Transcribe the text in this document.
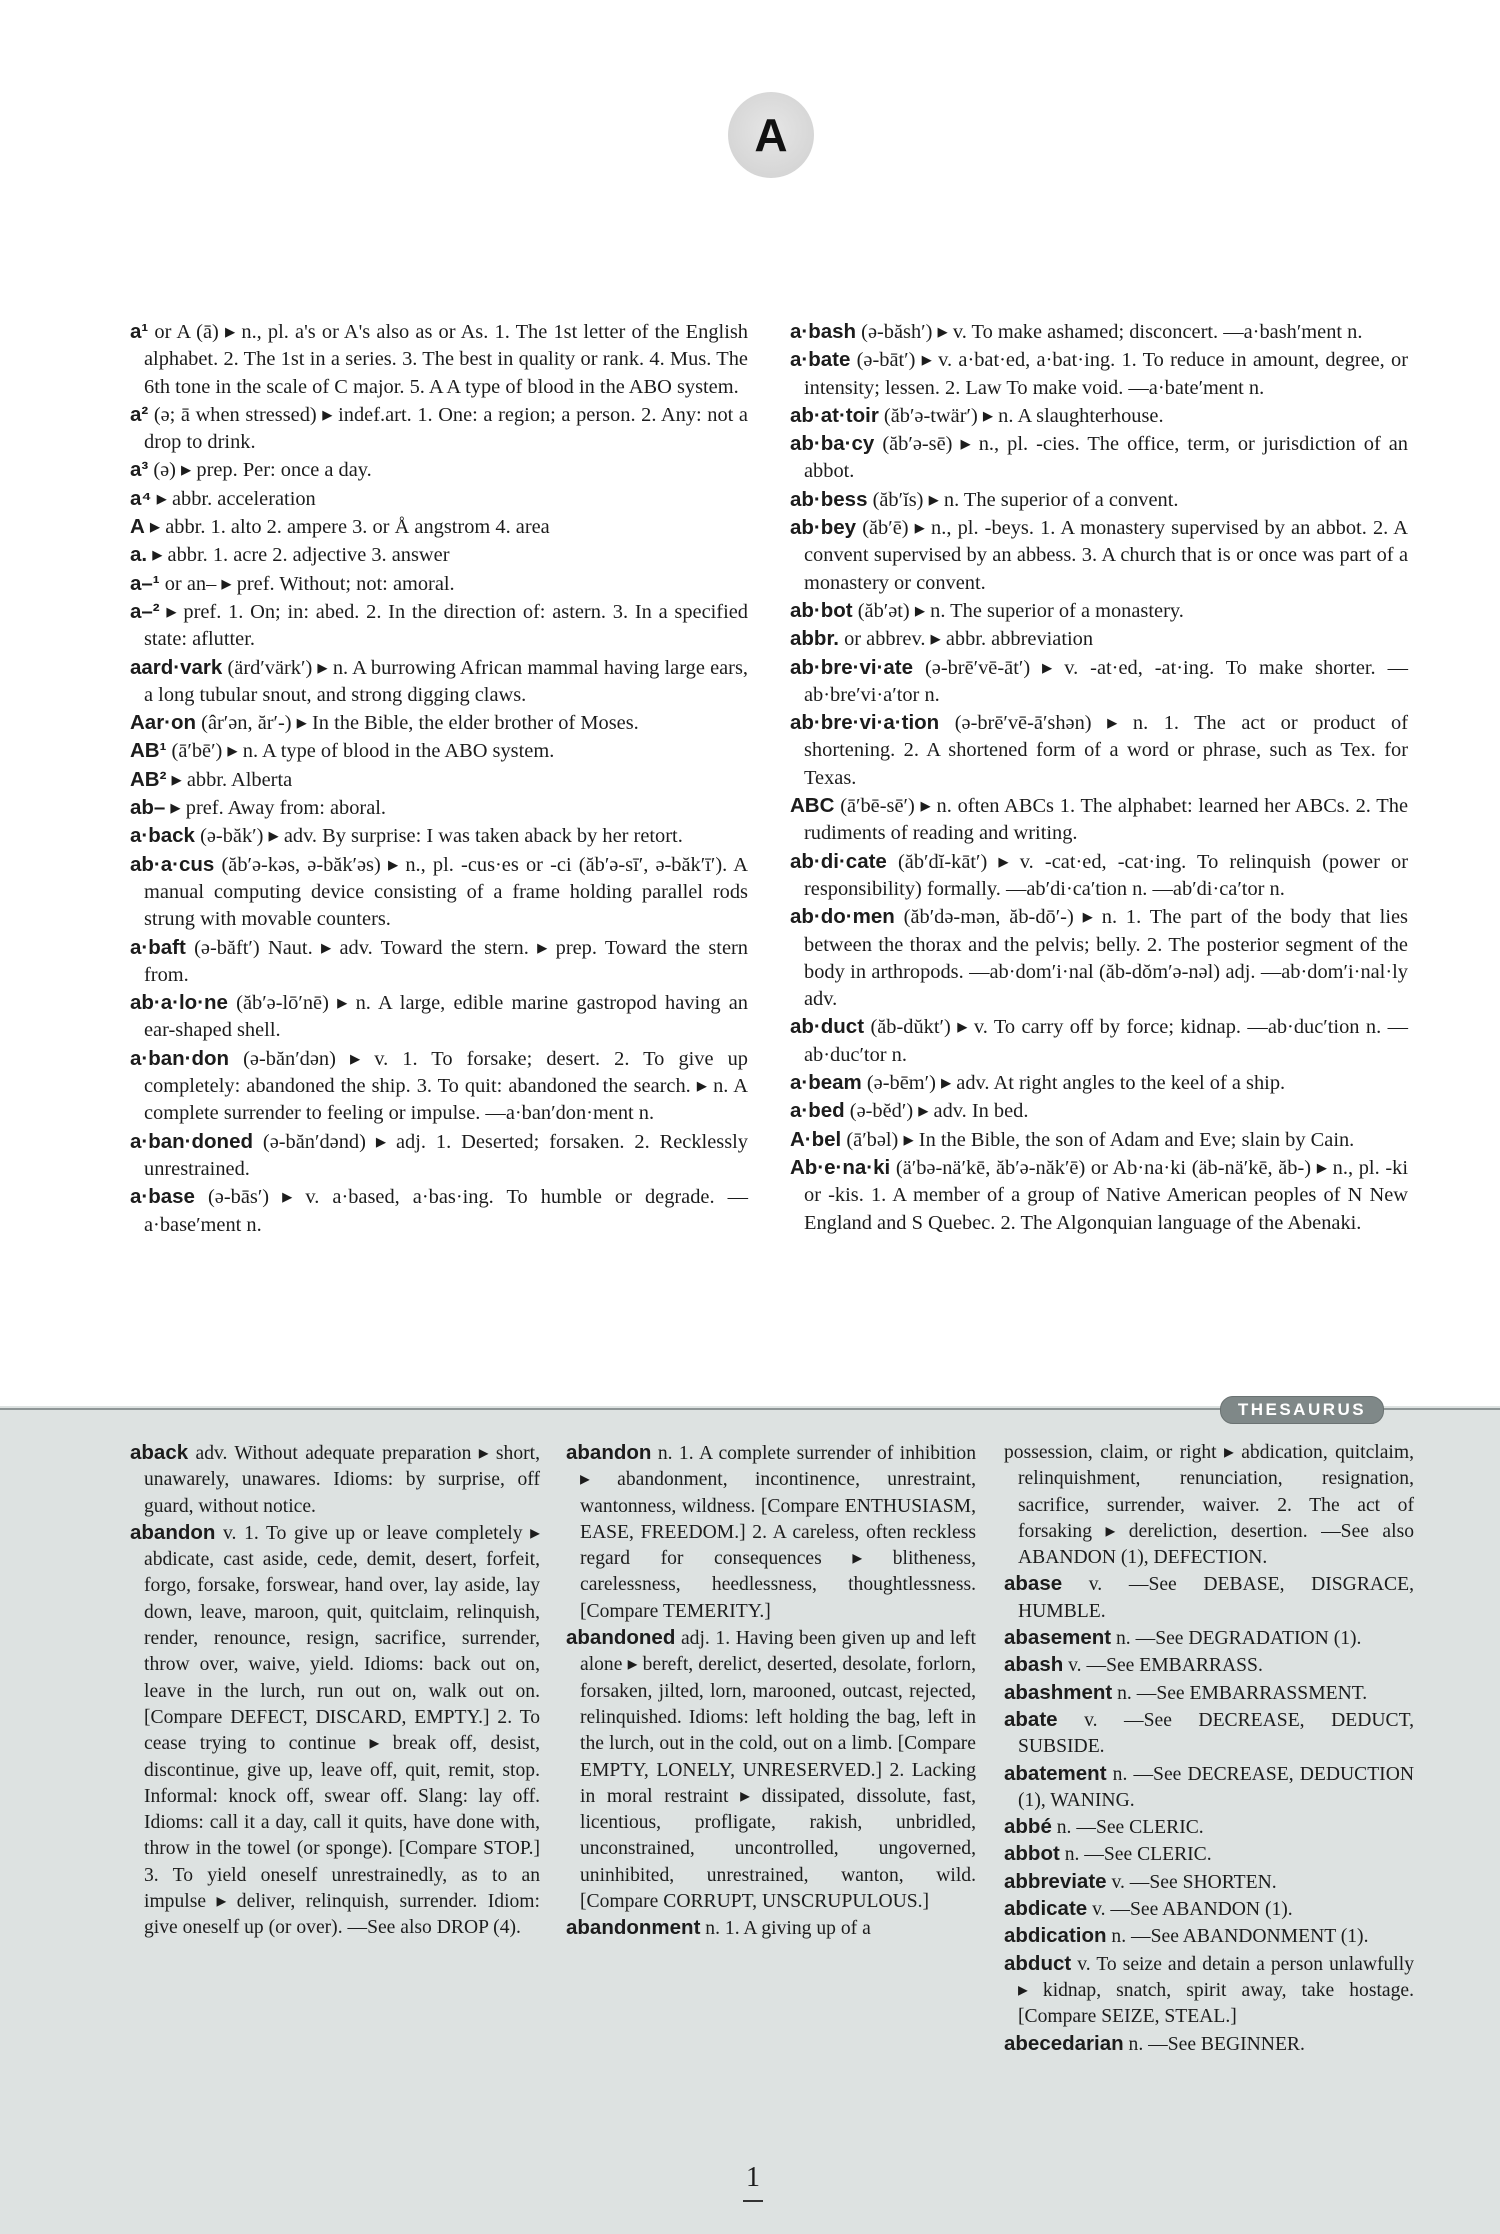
A

a¹ or A (ā) ▸ n., pl. a's or A's also as or As. 1. The 1st letter of the English alphabet. 2. The 1st in a series. 3. The best in quality or rank. 4. Mus. The 6th tone in the scale of C major. 5. A A type of blood in the ABO system.

a² (ə; ā when stressed) ▸ indef.art. 1. One: a region; a person. 2. Any: not a drop to drink.

a³ (ə) ▸ prep. Per: once a day.

a⁴ ▸ abbr. acceleration

A ▸ abbr. 1. alto 2. ampere 3. or Å angstrom 4. area

a. ▸ abbr. 1. acre 2. adjective 3. answer

a–¹ or an– ▸ pref. Without; not: amoral.

a–² ▸ pref. 1. On; in: abed. 2. In the direction of: astern. 3. In a specified state: aflutter.

aard·vark (ärd′värk′) ▸ n. A burrowing African mammal having large ears, a long tubular snout, and strong digging claws.

Aar·on (âr′ən, ăr′-) ▸ In the Bible, the elder brother of Moses.

AB¹ (ā′bē′) ▸ n. A type of blood in the ABO system.

AB² ▸ abbr. Alberta

ab– ▸ pref. Away from: aboral.

a·back (ə-băk′) ▸ adv. By surprise: I was taken aback by her retort.

ab·a·cus (ăb′ə-kəs, ə-băk′əs) ▸ n., pl. -cus·es or -ci (ăb′ə-sī′, ə-băk′ī′). A manual computing device consisting of a frame holding parallel rods strung with movable counters.

a·baft (ə-băft′) Naut. ▸ adv. Toward the stern. ▸ prep. Toward the stern from.

ab·a·lo·ne (ăb′ə-lō′nē) ▸ n. A large, edible marine gastropod having an ear-shaped shell.

a·ban·don (ə-băn′dən) ▸ v. 1. To forsake; desert. 2. To give up completely: abandoned the ship. 3. To quit: abandoned the search. ▸ n. A complete surrender to feeling or impulse. —a·ban′don·ment n.

a·ban·doned (ə-băn′dənd) ▸ adj. 1. Deserted; forsaken. 2. Recklessly unrestrained.

a·base (ə-bās′) ▸ v. a·based, a·bas·ing. To humble or degrade. —a·base′ment n.

a·bash (ə-băsh′) ▸ v. To make ashamed; disconcert. —a·bash′ment n.

a·bate (ə-bāt′) ▸ v. a·bat·ed, a·bat·ing. 1. To reduce in amount, degree, or intensity; lessen. 2. Law To make void. —a·bate′ment n.

ab·at·toir (ăb′ə-twär′) ▸ n. A slaughterhouse.

ab·ba·cy (ăb′ə-sē) ▸ n., pl. -cies. The office, term, or jurisdiction of an abbot.

ab·bess (ăb′ĭs) ▸ n. The superior of a convent.

ab·bey (ăb′ē) ▸ n., pl. -beys. 1. A monastery supervised by an abbot. 2. A convent supervised by an abbess. 3. A church that is or once was part of a monastery or convent.

ab·bot (ăb′ət) ▸ n. The superior of a monastery.

abbr. or abbrev. ▸ abbr. abbreviation

ab·bre·vi·ate (ə-brē′vē-āt′) ▸ v. -at·ed, -at·ing. To make shorter. —ab·bre′vi·a′tor n.

ab·bre·vi·a·tion (ə-brē′vē-ā′shən) ▸ n. 1. The act or product of shortening. 2. A shortened form of a word or phrase, such as Tex. for Texas.

ABC (ā′bē-sē′) ▸ n. often ABCs 1. The alphabet: learned her ABCs. 2. The rudiments of reading and writing.

ab·di·cate (ăb′dĭ-kāt′) ▸ v. -cat·ed, -cat·ing. To relinquish (power or responsibility) formally. —ab′di·ca′tion n. —ab′di·ca′tor n.

ab·do·men (ăb′də-mən, ăb-dō′-) ▸ n. 1. The part of the body that lies between the thorax and the pelvis; belly. 2. The posterior segment of the body in arthropods. —ab·dom′i·nal (ăb-dŏm′ə-nəl) adj. —ab·dom′i·nal·ly adv.

ab·duct (ăb-dŭkt′) ▸ v. To carry off by force; kidnap. —ab·duc′tion n. —ab·duc′tor n.

a·beam (ə-bēm′) ▸ adv. At right angles to the keel of a ship.

a·bed (ə-bĕd′) ▸ adv. In bed.

A·bel (ā′bəl) ▸ In the Bible, the son of Adam and Eve; slain by Cain.

Ab·e·na·ki (ä′bə-nä′kē, ăb′ə-năk′ē) or Ab·na·ki (äb-nä′kē, ăb-) ▸ n., pl. -ki or -kis. 1. A member of a group of Native American peoples of N New England and S Quebec. 2. The Algonquian language of the Abenaki.

THESAURUS

aback adv. Without adequate preparation ▸ short, unawarely, unawares. Idioms: by surprise, off guard, without notice.

abandon v. 1. To give up or leave completely ▸ abdicate, cast aside, cede, demit, desert, forfeit, forgo, forsake, forswear, hand over, lay aside, lay down, leave, maroon, quit, quitclaim, relinquish, render, renounce, resign, sacrifice, surrender, throw over, waive, yield. Idioms: back out on, leave in the lurch, run out on, walk out on. [Compare DEFECT, DISCARD, EMPTY.] 2. To cease trying to continue ▸ break off, desist, discontinue, give up, leave off, quit, remit, stop. Informal: knock off, swear off. Slang: lay off. Idioms: call it a day, call it quits, have done with, throw in the towel (or sponge). [Compare STOP.] 3. To yield oneself unrestrainedly, as to an impulse ▸ deliver, relinquish, surrender. Idiom: give oneself up (or over). —See also DROP (4).

abandon n. 1. A complete surrender of inhibition ▸ abandonment, incontinence, unrestraint, wantonness, wildness. [Compare ENTHUSIASM, EASE, FREEDOM.] 2. A careless, often reckless regard for consequences ▸ blitheness, carelessness, heedlessness, thoughtlessness. [Compare TEMERITY.]

abandoned adj. 1. Having been given up and left alone ▸ bereft, derelict, deserted, desolate, forlorn, forsaken, jilted, lorn, marooned, outcast, rejected, relinquished. Idioms: left holding the bag, left in the lurch, out in the cold, out on a limb. [Compare EMPTY, LONELY, UNRESERVED.] 2. Lacking in moral restraint ▸ dissipated, dissolute, fast, licentious, profligate, rakish, unbridled, unconstrained, uncontrolled, ungoverned, uninhibited, unrestrained, wanton, wild. [Compare CORRUPT, UNSCRUPULOUS.]

abandonment n. 1. A giving up of a

possession, claim, or right ▸ abdication, quitclaim, relinquishment, renunciation, resignation, sacrifice, surrender, waiver. 2. The act of forsaking ▸ dereliction, desertion. —See also ABANDON (1), DEFECTION.

abase v. —See DEBASE, DISGRACE, HUMBLE.

abasement n. —See DEGRADATION (1).

abash v. —See EMBARRASS.

abashment n. —See EMBARRASSMENT.

abate v. —See DECREASE, DEDUCT, SUBSIDE.

abatement n. —See DECREASE, DEDUCTION (1), WANING.

abbé n. —See CLERIC.

abbot n. —See CLERIC.

abbreviate v. —See SHORTEN.

abdicate v. —See ABANDON (1).

abdication n. —See ABANDONMENT (1).

abduct v. To seize and detain a person unlawfully ▸ kidnap, snatch, spirit away, take hostage. [Compare SEIZE, STEAL.]

abecedarian n. —See BEGINNER.

1
